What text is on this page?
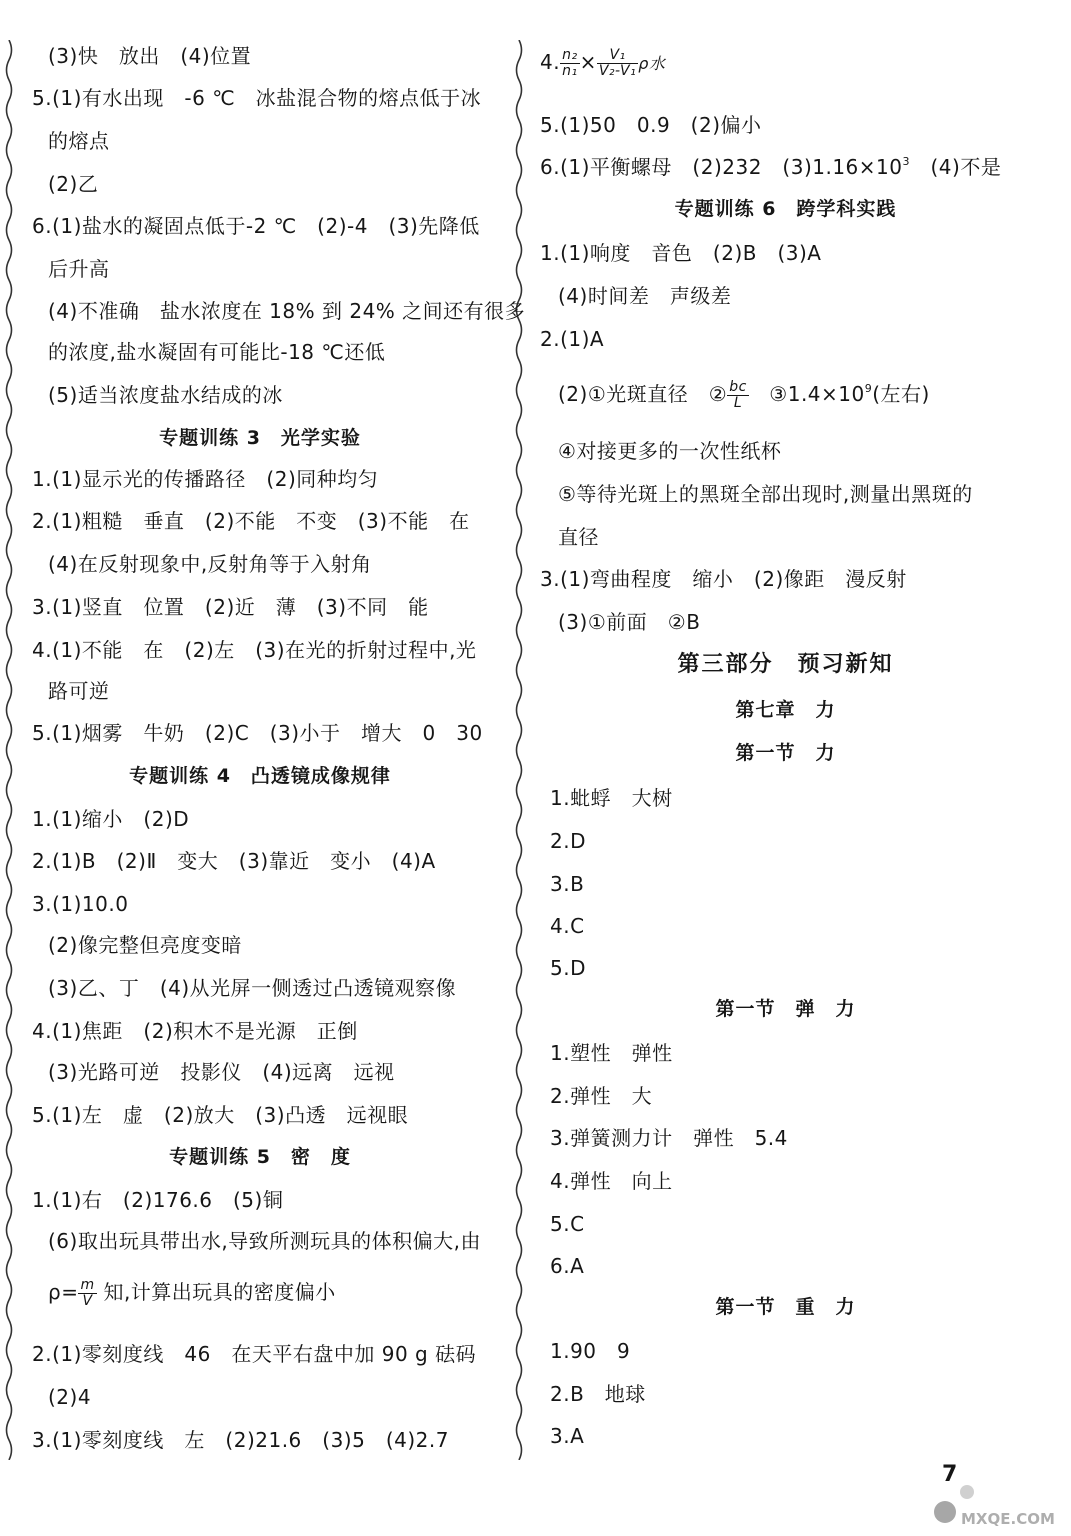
(3)快　放出　(4)位置
5.(1)有水出现　-6 ℃　冰盐混合物的熔点低于冰
的熔点
(2)乙
6.(1)盐水的凝固点低于-2 ℃　(2)-4　(3)先降低
后升高
(4)不准确　盐水浓度在 18% 到 24% 之间还有很多
的浓度,盐水凝固有可能比-18 ℃还低
(5)适当浓度盐水结成的冰
专题训练 3　光学实验
1.(1)显示光的传播路径　(2)同种均匀
2.(1)粗糙　垂直　(2)不能　不变　(3)不能　在
(4)在反射现象中,反射角等于入射角
3.(1)竖直　位置　(2)近　薄　(3)不同　能
4.(1)不能　在　(2)左　(3)在光的折射过程中,光
路可逆
5.(1)烟雾　牛奶　(2)C　(3)小于　增大　0　30
专题训练 4　凸透镜成像规律
1.(1)缩小　(2)D
2.(1)B　(2)Ⅱ　变大　(3)靠近　变小　(4)A
3.(1)10.0
(2)像完整但亮度变暗
(3)乙、丁　(4)从光屏一侧透过凸透镜观察像
4.(1)焦距　(2)积木不是光源　正倒
(3)光路可逆　投影仪　(4)远离　远视
5.(1)左　虚　(2)放大　(3)凸透　远视眼
专题训练 5　密　度
1.(1)右　(2)176.6　(5)铜
(6)取出玩具带出水,导致所测玩具的体积偏大,由
$\rho= \frac{m}{V}$ 知,计算出玩具的密度偏小
2.(1)零刻度线　46　在天平右盘中加 90 g 砝码
(2)4
3.(1)零刻度线　左　(2)21.6　(3)5　(4)2.7
4. $\frac{\text{n₂}}{\text{n₁}} \times \frac{\text{V₁}}{\text{V₂-V₁}}$ ρ水
5.(1)50　0.9　(2)偏小
6.(1)平衡螺母　(2)232　$(3)1.16\times 10^3$　(4)不是
专题训练 6　跨学科实践
1.(1)响度　音色　(2)B　(3)A
(4)时间差　声级差
2.(1)A
(2)①光斑直径　② $\frac{bc}{L}$ 　$③1.4\times 10^9$(左右)
④对接更多的一次性纸杯
⑤等待光斑上的黑斑全部出现时,测量出黑斑的
直径
3.(1)弯曲程度　缩小　(2)像距　漫反射
(3)①前面　②B
第三部分　预习新知
第七章　力
第一节　力
1.蚍蜉　大树
2.D
3.B
4.C
5.D
第一节　弹　力
1.塑性　弹性
2.弹性　大
3.弹簧测力计　弹性　5.4
4.弹性　向上
5.C
6.A
第一节　重　力
1.90　9
2.B　地球
3.A
7
MXQE.COM
